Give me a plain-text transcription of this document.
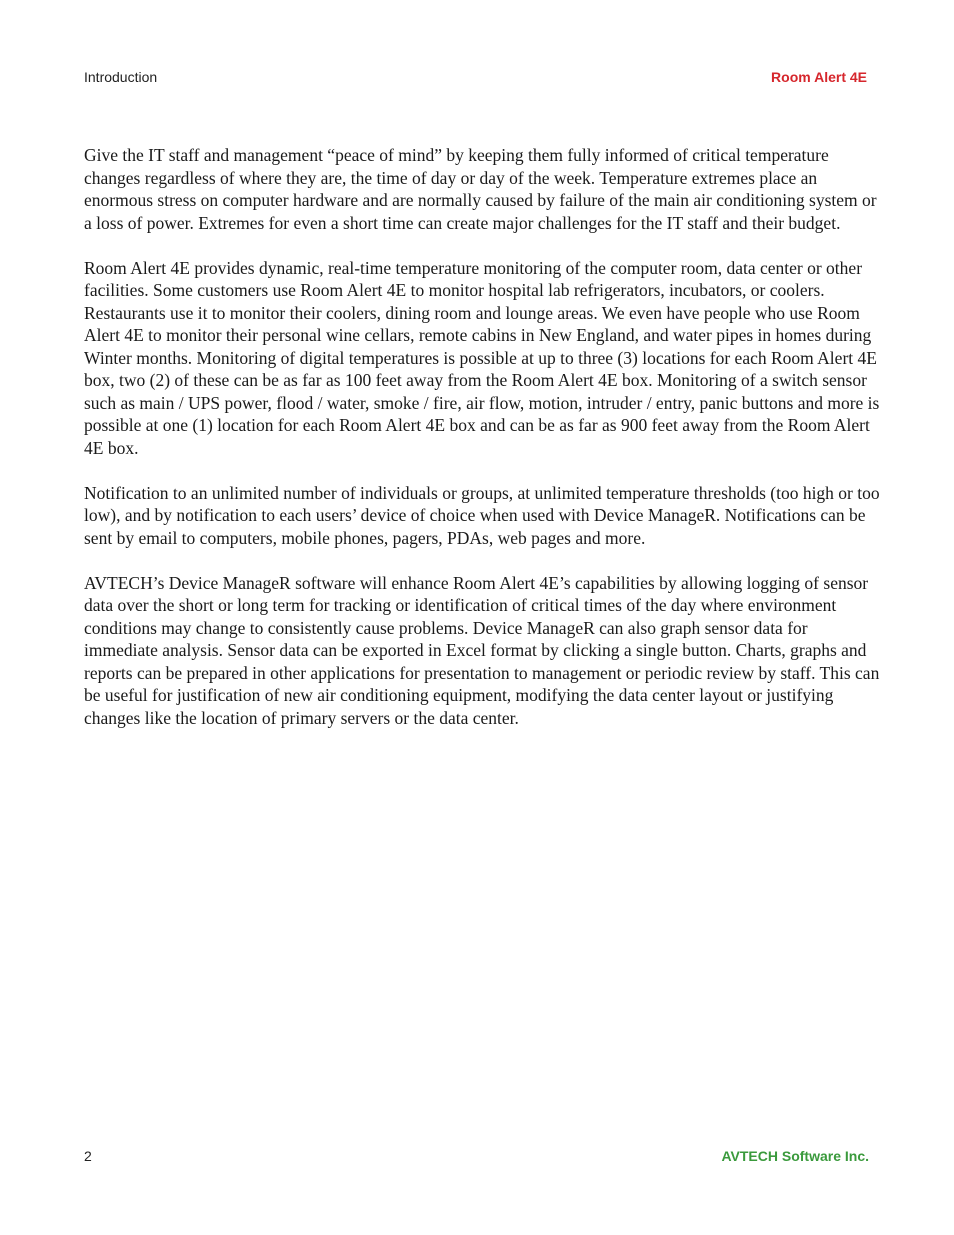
Introduction	Room Alert 4E

Give the IT staff and management “peace of mind” by keeping them fully informed of critical temperature changes regardless of where they are, the time of day or day of the week. Temperature extremes place an enormous stress on computer hardware and are normally caused by failure of the main air conditioning system or a loss of power. Extremes for even a short time can create major challenges for the IT staff and their budget.

Room Alert 4E provides dynamic, real-time temperature monitoring of the computer room, data center or other facilities. Some customers use Room Alert 4E to monitor hospital lab refrigerators, incubators, or coolers. Restaurants use it to monitor their coolers, dining room and lounge areas. We even have people who use Room Alert 4E to monitor their personal wine cellars, remote cabins in New England, and water pipes in homes during Winter months. Monitoring of digital temperatures is possible at up to three (3) locations for each Room Alert 4E box, two (2) of these can be as far as 100 feet away from the Room Alert 4E box. Monitoring of a switch sensor such as main / UPS power, flood / water, smoke / fire, air flow, motion, intruder / entry, panic buttons and more is possible at one (1) location for each Room Alert 4E box and can be as far as 900 feet away from the Room Alert 4E box.

Notification to an unlimited number of individuals or groups, at unlimited temperature thresholds (too high or too low), and by notification to each users’ device of choice when used with Device ManageR. Notifications can be sent by email to computers, mobile phones, pagers, PDAs, web pages and more.

AVTECH’s Device ManageR software will enhance Room Alert 4E’s capabilities by allowing logging of sensor data over the short or long term for tracking or identification of critical times of the day where environment conditions may change to consistently cause problems. Device ManageR can also graph sensor data for immediate analysis. Sensor data can be exported in Excel format by clicking a single button. Charts, graphs and reports can be prepared in other applications for presentation to management or periodic review by staff. This can be useful for justification of new air conditioning equipment, modifying the data center layout or justifying changes like the location of primary servers or the data center.

2	AVTECH Software Inc.
